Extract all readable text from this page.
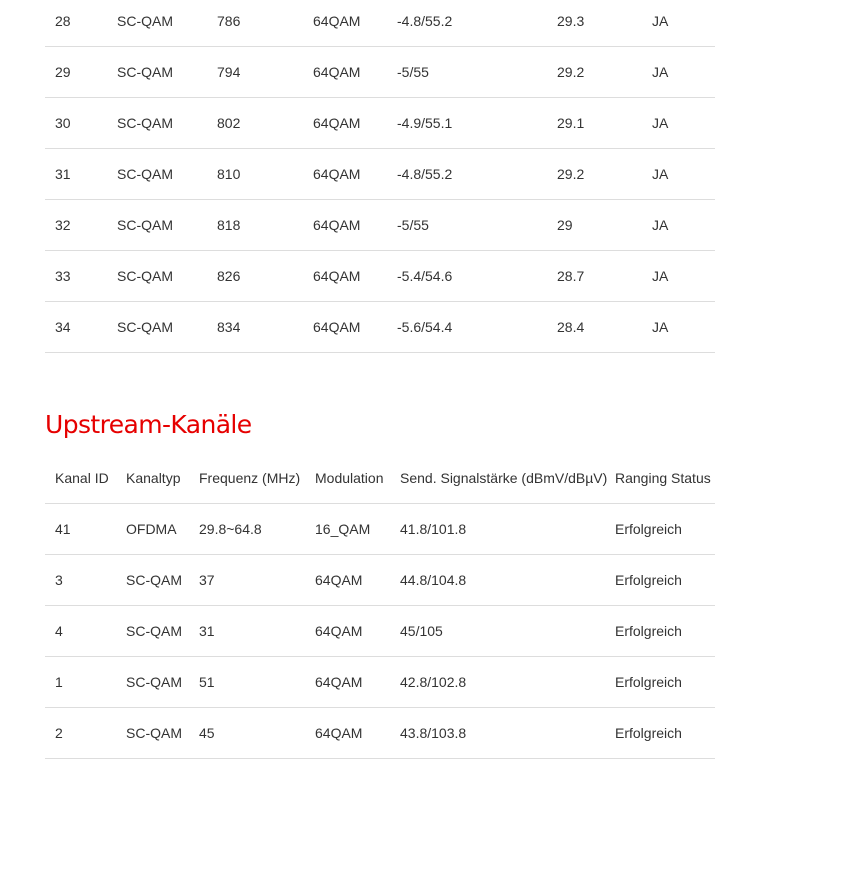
28	SC-QAM	786	64QAM	-4.8/55.2	29.3	JA
29	SC-QAM	794	64QAM	-5/55	29.2	JA
30	SC-QAM	802	64QAM	-4.9/55.1	29.1	JA
31	SC-QAM	810	64QAM	-4.8/55.2	29.2	JA
32	SC-QAM	818	64QAM	-5/55	29	JA
33	SC-QAM	826	64QAM	-5.4/54.6	28.7	JA
34	SC-QAM	834	64QAM	-5.6/54.4	28.4	JA
Upstream-Kanäle
Kanal ID	Kanaltyp	Frequenz (MHz)	Modulation	Send. Signalstärke (dBmV/dBµV)	Ranging Status
41	OFDMA	29.8~64.8	16_QAM	41.8/101.8	Erfolgreich
3	SC-QAM	37	64QAM	44.8/104.8	Erfolgreich
4	SC-QAM	31	64QAM	45/105	Erfolgreich
1	SC-QAM	51	64QAM	42.8/102.8	Erfolgreich
2	SC-QAM	45	64QAM	43.8/103.8	Erfolgreich
